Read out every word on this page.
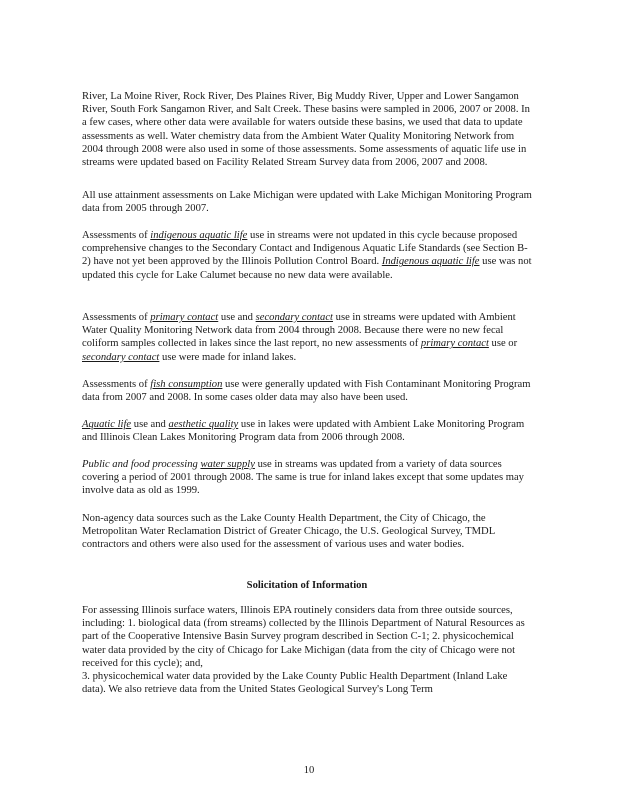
River, La Moine River, Rock River, Des Plaines River, Big Muddy River, Upper and Lower Sangamon River, South Fork Sangamon River, and Salt Creek. These basins were sampled in 2006, 2007 or 2008. In a few cases, where other data were available for waters outside these basins, we used that data to update assessments as well. Water chemistry data from the Ambient Water Quality Monitoring Network from 2004 through 2008 were also used in some of those assessments. Some assessments of aquatic life use in streams were updated based on Facility Related Stream Survey data from 2006, 2007 and 2008.

All use attainment assessments on Lake Michigan were updated with Lake Michigan Monitoring Program data from 2005 through 2007.

Assessments of indigenous aquatic life use in streams were not updated in this cycle because proposed comprehensive changes to the Secondary Contact and Indigenous Aquatic Life Standards (see Section B-2) have not yet been approved by the Illinois Pollution Control Board. Indigenous aquatic life use was not updated this cycle for Lake Calumet because no new data were available.

Assessments of primary contact use and secondary contact use in streams were updated with Ambient Water Quality Monitoring Network data from 2004 through 2008. Because there were no new fecal coliform samples collected in lakes since the last report, no new assessments of primary contact use or secondary contact use were made for inland lakes.

Assessments of fish consumption use were generally updated with Fish Contaminant Monitoring Program data from 2007 and 2008. In some cases older data may also have been used.

Aquatic life use and aesthetic quality use in lakes were updated with Ambient Lake Monitoring Program and Illinois Clean Lakes Monitoring Program data from 2006 through 2008.

Public and food processing water supply use in streams was updated from a variety of data sources covering a period of 2001 through 2008. The same is true for inland lakes except that some updates may involve data as old as 1999.

Non-agency data sources such as the Lake County Health Department, the City of Chicago, the Metropolitan Water Reclamation District of Greater Chicago, the U.S. Geological Survey, TMDL contractors and others were also used for the assessment of various uses and water bodies.

Solicitation of Information

For assessing Illinois surface waters, Illinois EPA routinely considers data from three outside sources, including: 1. biological data (from streams) collected by the Illinois Department of Natural Resources as part of the Cooperative Intensive Basin Survey program described in Section C-1; 2. physicochemical water data provided by the city of Chicago for Lake Michigan (data from the city of Chicago were not received for this cycle); and,

3. physicochemical water data provided by the Lake County Public Health Department (Inland Lake data). We also retrieve data from the United States Geological Survey's Long Term

10
